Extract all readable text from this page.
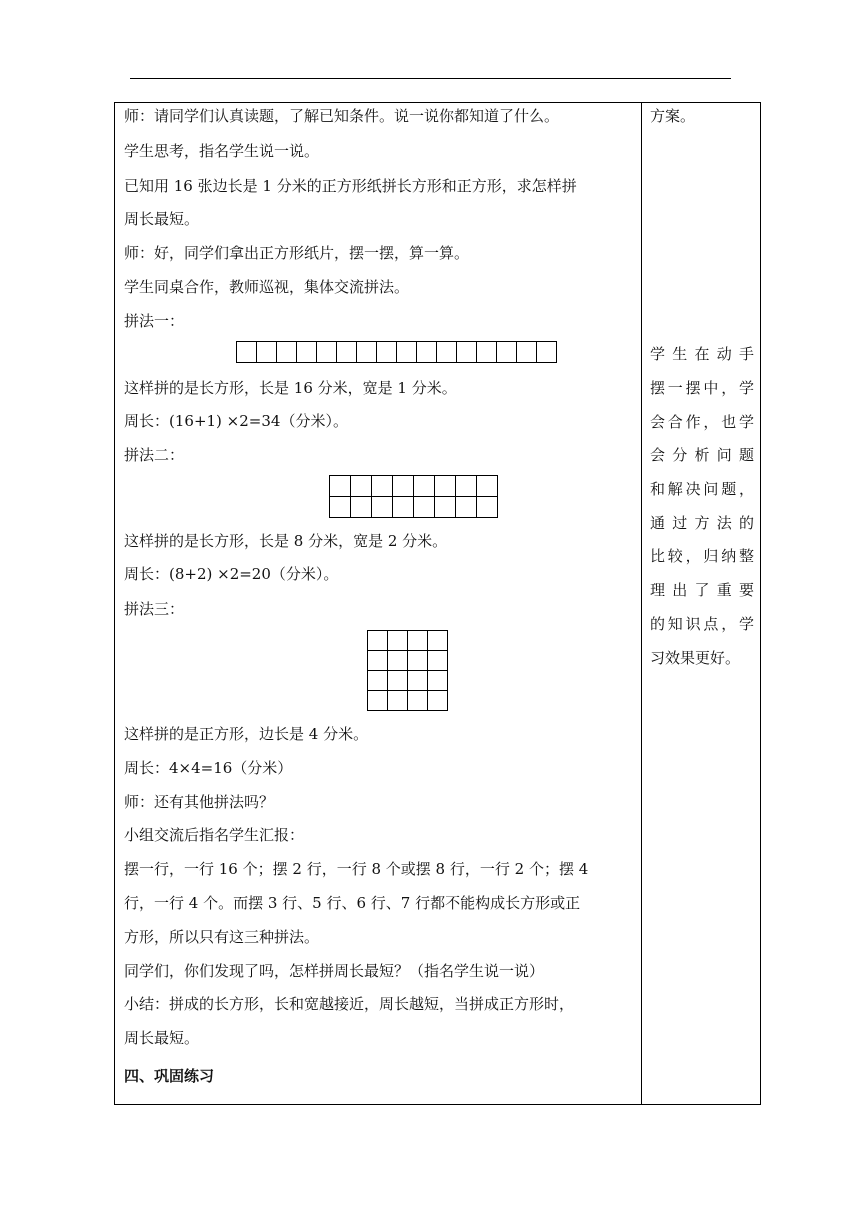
师：请同学们认真读题，了解已知条件。说一说你都知道了什么。
学生思考，指名学生说一说。
已知用 16 张边长是 1 分米的正方形纸拼长方形和正方形，求怎样拼
周长最短。
师：好，同学们拿出正方形纸片，摆一摆，算一算。
学生同桌合作，教师巡视，集体交流拼法。
拼法一：
这样拼的是长方形，长是 16 分米，宽是 1 分米。
周长：(16+1) ×2=34（分米）。
拼法二：
这样拼的是长方形，长是 8 分米，宽是 2 分米。
周长：(8+2) ×2=20（分米）。
拼法三：
这样拼的是正方形，边长是 4 分米。
周长：4×4=16（分米）
师：还有其他拼法吗？
小组交流后指名学生汇报：
摆一行，一行 16 个；摆 2 行，一行 8 个或摆 8 行，一行 2 个；摆 4
行，一行 4 个。而摆 3 行、5 行、6 行、7 行都不能构成长方形或正
方形，所以只有这三种拼法。
同学们，你们发现了吗，怎样拼周长最短？（指名学生说一说）
小结：拼成的长方形，长和宽越接近，周长越短，当拼成正方形时，
周长最短。
四、巩固练习
方案。
学生在动手
摆一摆中，学
会合作，也学
会分析问题
和解决问题，
通过方法的
比较，归纳整
理出了重要
的知识点，学
习效果更好。
